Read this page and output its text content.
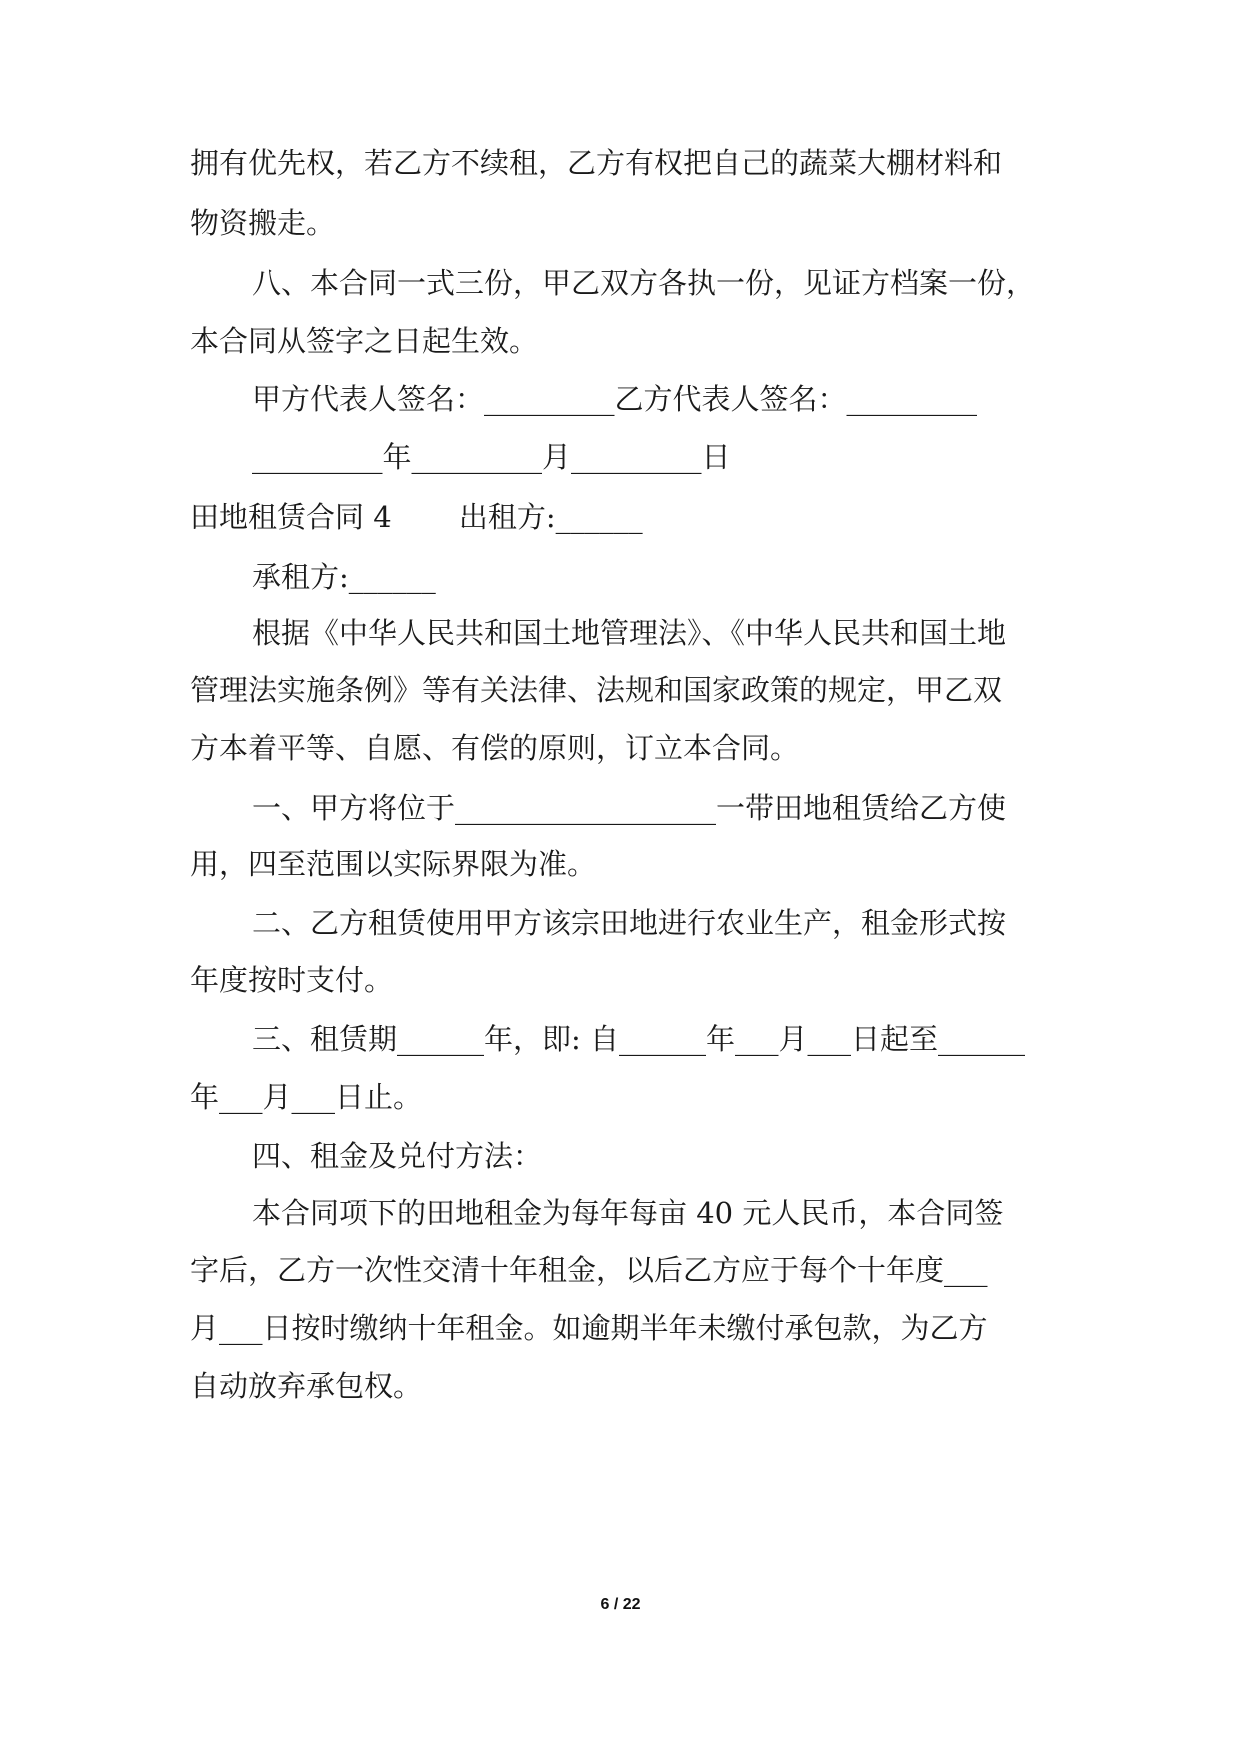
拥有优先权，若乙方不续租，乙方有权把自己的蔬菜大棚材料和
物资搬走。
八、本合同一式三份，甲乙双方各执一份，见证方档案一份，
本合同从签字之日起生效。
甲方代表人签名：_________乙方代表人签名：_________
_________年_________月_________日
田地租赁合同 4　　 出租方:______
承租方:______
根据《中华人民共和国土地管理法》、《中华人民共和国土地
管理法实施条例》等有关法律、法规和国家政策的规定，甲乙双
方本着平等、自愿、有偿的原则，订立本合同。
一、甲方将位于__________________一带田地租赁给乙方使
用，四至范围以实际界限为准。
二、乙方租赁使用甲方该宗田地进行农业生产，租金形式按
年度按时支付。
三、租赁期______年，即: 自______年___月___日起至______
年___月___日止。
四、租金及兑付方法：
本合同项下的田地租金为每年每亩 40 元人民币，本合同签
字后，乙方一次性交清十年租金，以后乙方应于每个十年度___
月___日按时缴纳十年租金。如逾期半年未缴付承包款，为乙方
自动放弃承包权。
6 / 22
